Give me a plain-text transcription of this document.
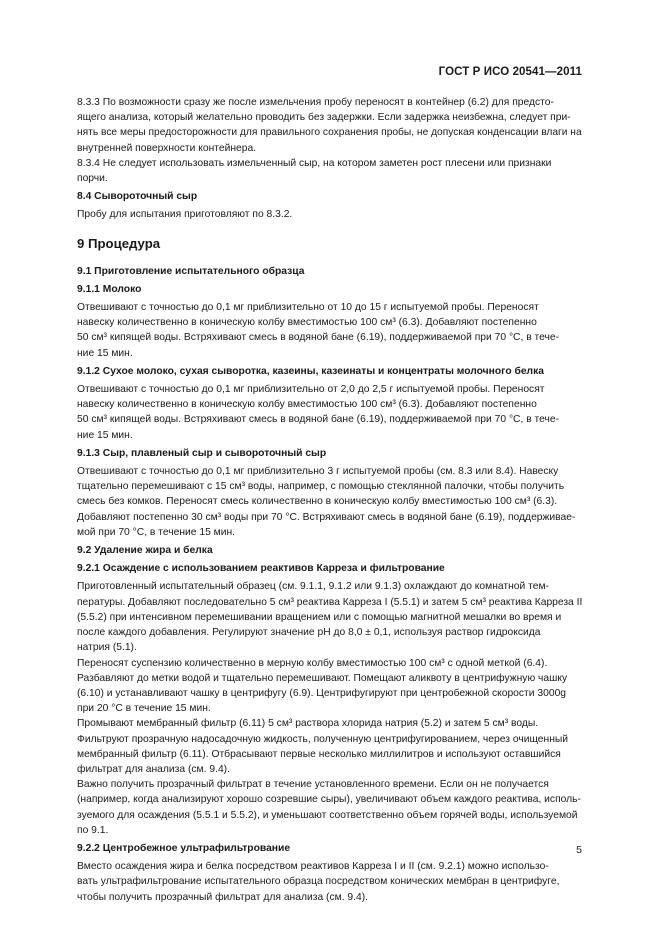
ГОСТ Р ИСО 20541—2011
8.3.3 По возможности сразу же после измельчения пробу переносят в контейнер (6.2) для предсто-
ящего анализа, который желательно проводить без задержки. Если задержка неизбежна, следует при-
нять все меры предосторожности для правильного сохранения пробы, не допуская конденсации влаги на
внутренней поверхности контейнера.
8.3.4 Не следует использовать измельченный сыр, на котором заметен рост плесени или признаки
порчи.
8.4 Сывороточный сыр
Пробу для испытания приготовляют по 8.3.2.
9 Процедура
9.1 Приготовление испытательного образца
9.1.1 Молоко
Отвешивают с точностью до 0,1 мг приблизительно от 10 до 15 г испытуемой пробы. Переносят
навеску количественно в коническую колбу вместимостью 100 см³ (6.3). Добавляют постепенно
50 см³ кипящей воды. Встряхивают смесь в водяной бане (6.19), поддерживаемой при 70 °C, в тече-
ние 15 мин.
9.1.2 Сухое молоко, сухая сыворотка, казеины, казеинаты и концентраты молочного белка
Отвешивают с точностью до 0,1 мг приблизительно от 2,0 до 2,5 г испытуемой пробы. Переносят
навеску количественно в коническую колбу вместимостью 100 см³ (6.3). Добавляют постепенно
50 см³ кипящей воды. Встряхивают смесь в водяной бане (6.19), поддерживаемой при 70 °C, в тече-
ние 15 мин.
9.1.3 Сыр, плавленый сыр и сывороточный сыр
Отвешивают с точностью до 0,1 мг приблизительно 3 г испытуемой пробы (см. 8.3 или 8.4). Навеску
тщательно перемешивают с 15 см³ воды, например, с помощью стеклянной палочки, чтобы получить
смесь без комков. Переносят смесь количественно в коническую колбу вместимостью 100 см³ (6.3).
Добавляют постепенно 30 см³ воды при 70 °C. Встряхивают смесь в водяной бане (6.19), поддерживае-
мой при 70 °C, в течение 15 мин.
9.2 Удаление жира и белка
9.2.1 Осаждение с использованием реактивов Карреза и фильтрование
Приготовленный испытательный образец (см. 9.1.1, 9.1.2 или 9.1.3) охлаждают до комнатной тем-
пературы. Добавляют последовательно 5 см³ реактива Карреза I (5.5.1) и затем 5 см³ реактива Карреза II
(5.5.2) при интенсивном перемешивании вращением или с помощью магнитной мешалки во время и
после каждого добавления. Регулируют значение pH до 8,0 ± 0,1, используя раствор гидроксида
натрия (5.1).
Переносят суспензию количественно в мерную колбу вместимостью 100 см³ с одной меткой (6.4).
Разбавляют до метки водой и тщательно перемешивают. Помещают аликвоту в центрифужную чашку
(6.10) и устанавливают чашку в центрифугу (6.9). Центрифугируют при центробежной скорости 3000g
при 20 °C в течение 15 мин.
Промывают мембранный фильтр (6.11) 5 см³ раствора хлорида натрия (5.2) и затем 5 см³ воды.
Фильтруют прозрачную надосадочную жидкость, полученную центрифугированием, через очищенный
мембранный фильтр (6.11). Отбрасывают первые несколько миллилитров и используют оставшийся
фильтрат для анализа (см. 9.4).
Важно получить прозрачный фильтрат в течение установленного времени. Если он не получается
(например, когда анализируют хорошо созревшие сыры), увеличивают объем каждого реактива, исполь-
зуемого для осаждения (5.5.1 и 5.5.2), и уменьшают соответственно объем горячей воды, используемой
по 9.1.
9.2.2 Центробежное ультрафильтрование
Вместо осаждения жира и белка посредством реактивов Карреза I и II (см. 9.2.1) можно использо-
вать ультрафильтрование испытательного образца посредством конических мембран в центрифуге,
чтобы получить прозрачный фильтрат для анализа (см. 9.4).
5
